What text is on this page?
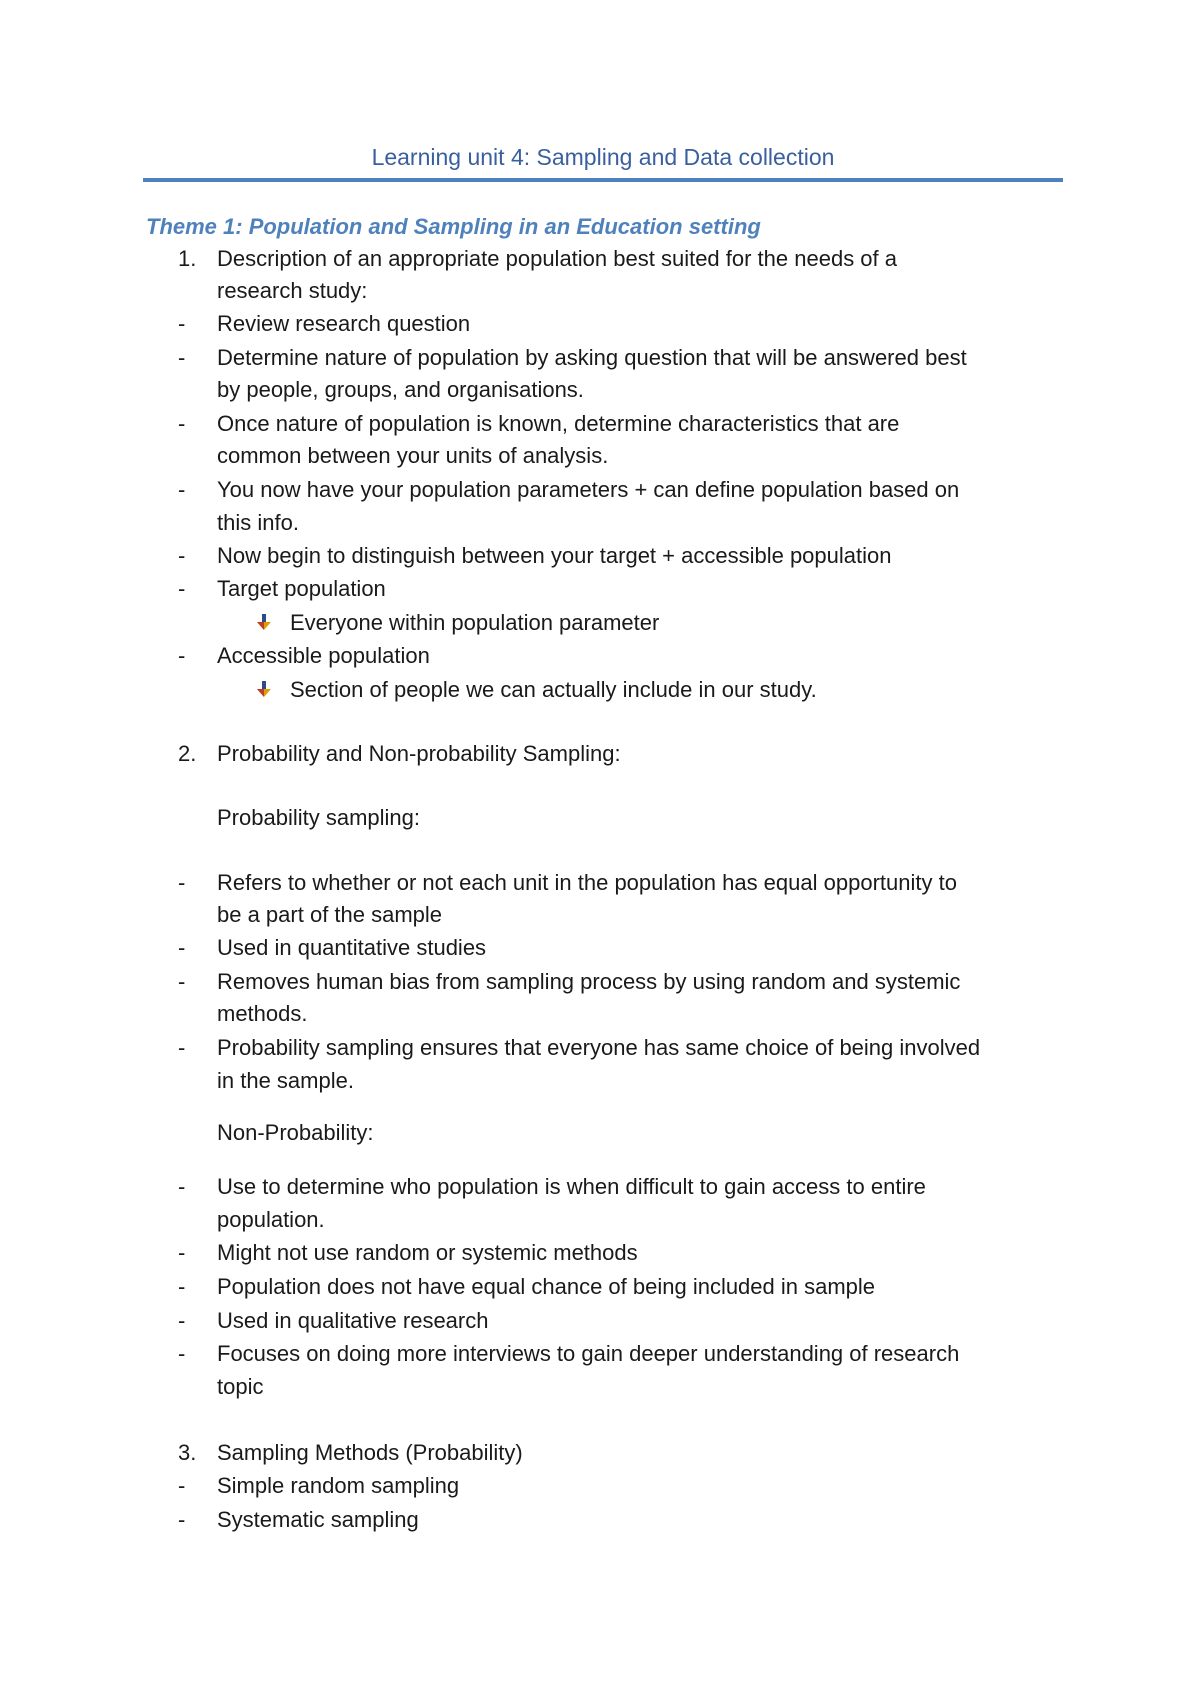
Learning unit 4: Sampling and Data collection
Theme 1: Population and Sampling in an Education setting
1. Description of an appropriate population best suited for the needs of a
research study:
-	Review research question
-	Determine nature of population by asking question that will be answered best
by people, groups, and organisations.
-	Once nature of population is known, determine characteristics that are
common between your units of analysis.
-	You now have your population parameters + can define population based on
this info.
-	Now begin to distinguish between your target + accessible population
-	Target population
Everyone within population parameter
-	Accessible population
Section of people we can actually include in our study.
2. Probability and Non-probability Sampling:
Probability sampling:
-	Refers to whether or not each unit in the population has equal opportunity to
be a part of the sample
-	Used in quantitative studies
-	Removes human bias from sampling process by using random and systemic
methods.
-	Probability sampling ensures that everyone has same choice of being involved
in the sample.
Non-Probability:
-	Use to determine who population is when difficult to gain access to entire
population.
-	Might not use random or systemic methods
-	Population does not have equal chance of being included in sample
-	Used in qualitative research
-	Focuses on doing more interviews to gain deeper understanding of research
topic
3. Sampling Methods (Probability)
-	Simple random sampling
-	Systematic sampling
